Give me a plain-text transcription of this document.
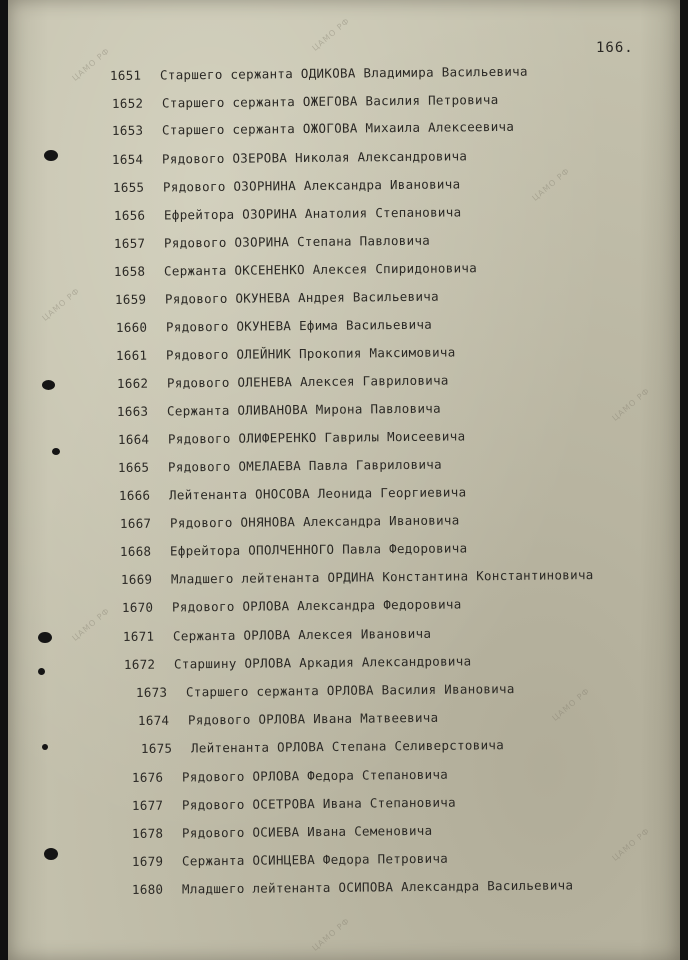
ЦАМО РФ
ЦАМО РФ
ЦАМО РФ
ЦАМО РФ
ЦАМО РФ
ЦАМО РФ
ЦАМО РФ
ЦАМО РФ
ЦАМО РФ
166.
1651 Старшего сержанта ОДИКОВА Владимира Васильевича
1652 Старшего сержанта ОЖЕГОВА Василия Петровича
1653 Старшего сержанта ОЖОГОВА Михаила Алексеевича
1654 Рядового ОЗЕРОВА Николая Александровича
1655 Рядового ОЗОРНИНА Александра Ивановича
1656 Ефрейтора ОЗОРИНА Анатолия Степановича
1657 Рядового ОЗОРИНА Степана Павловича
1658 Сержанта ОКСЕНЕНКО Алексея Спиридоновича
1659 Рядового ОКУНЕВА Андрея Васильевича
1660 Рядового ОКУНЕВА Ефима Васильевича
1661 Рядового ОЛЕЙНИК Прокопия Максимовича
1662 Рядового ОЛЕНЕВА Алексея Гавриловича
1663 Сержанта ОЛИВАНОВА Мирона Павловича
1664 Рядового ОЛИФЕРЕНКО Гаврилы Моисеевича
1665 Рядового ОМЕЛАЕВА Павла Гавриловича
1666 Лейтенанта ОНОСОВА Леонида Георгиевича
1667 Рядового ОНЯНОВА Александра Ивановича
1668 Ефрейтора ОПОЛЧЕННОГО Павла Федоровича
1669 Младшего лейтенанта ОРДИНА Константина Константиновича
1670 Рядового ОРЛОВА Александра Федоровича
1671 Сержанта ОРЛОВА Алексея Ивановича
1672 Старшину ОРЛОВА Аркадия Александровича
1673 Старшего сержанта ОРЛОВА Василия Ивановича
1674 Рядового ОРЛОВА Ивана Матвеевича
1675 Лейтенанта ОРЛОВА Степана Селиверстовича
1676 Рядового ОРЛОВА Федора Степановича
1677 Рядового ОСЕТРОВА Ивана Степановича
1678 Рядового ОСИЕВА Ивана Семеновича
1679 Сержанта ОСИНЦЕВА Федора Петровича
1680 Младшего лейтенанта ОСИПОВА Александра Васильевича
